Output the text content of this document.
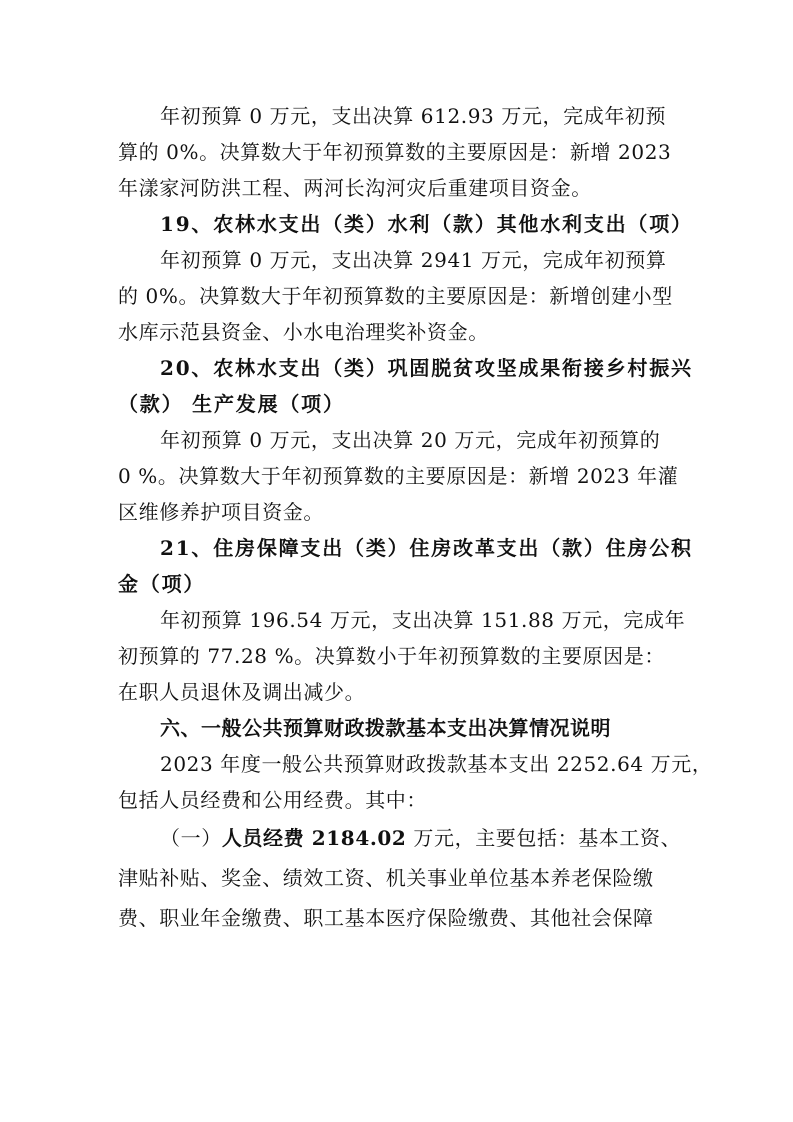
年初预算 0 万元，支出决算 612.93 万元，完成年初预
算的 0%。决算数大于年初预算数的主要原因是：新增 2023
年漾家河防洪工程、两河长沟河灾后重建项目资金。
19、农林水支出（类）水利（款）其他水利支出（项）
年初预算 0 万元，支出决算 2941 万元，完成年初预算
的 0%。决算数大于年初预算数的主要原因是：新增创建小型
水库示范县资金、小水电治理奖补资金。
20、农林水支出（类）巩固脱贫攻坚成果衔接乡村振兴
（款） 生产发展（项）
年初预算 0 万元，支出决算 20 万元，完成年初预算的
0 %。决算数大于年初预算数的主要原因是：新增 2023 年灌
区维修养护项目资金。
21、住房保障支出（类）住房改革支出（款）住房公积
金（项）
年初预算 196.54 万元，支出决算 151.88 万元，完成年
初预算的 77.28 %。决算数小于年初预算数的主要原因是：
在职人员退休及调出减少。
六、一般公共预算财政拨款基本支出决算情况说明
2023 年度一般公共预算财政拨款基本支出 2252.64 万元，
包括人员经费和公用经费。其中：
（一）人员经费 2184.02 万元，主要包括：基本工资、
津贴补贴、奖金、绩效工资、机关事业单位基本养老保险缴
费、职业年金缴费、职工基本医疗保险缴费、其他社会保障
